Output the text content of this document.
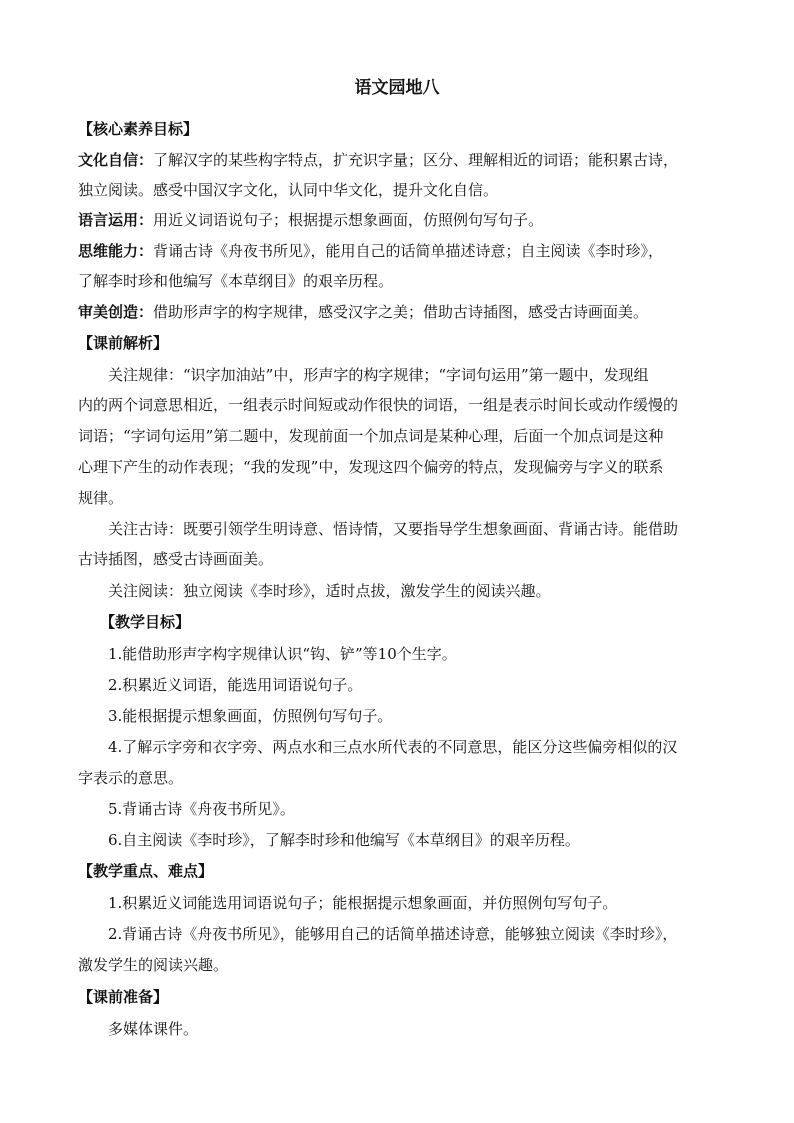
语文园地八
【核心素养目标】
文化自信：了解汉字的某些构字特点，扩充识字量；区分、理解相近的词语；能积累古诗，
独立阅读。感受中国汉字文化，认同中华文化，提升文化自信。
语言运用：用近义词语说句子；根据提示想象画面，仿照例句写句子。
思维能力：背诵古诗《舟夜书所见》，能用自己的话简单描述诗意；自主阅读《李时珍》，
了解李时珍和他编写《本草纲目》的艰辛历程。
审美创造：借助形声字的构字规律，感受汉字之美；借助古诗插图，感受古诗画面美。
【课前解析】
关注规律：“识字加油站”中，形声字的构字规律；“字词句运用”第一题中，发现组
内的两个词意思相近，一组表示时间短或动作很快的词语，一组是表示时间长或动作缓慢的
词语；“字词句运用”第二题中，发现前面一个加点词是某种心理，后面一个加点词是这种
心理下产生的动作表现；“我的发现”中，发现这四个偏旁的特点，发现偏旁与字义的联系
规律。
关注古诗：既要引领学生明诗意、悟诗情，又要指导学生想象画面、背诵古诗。能借助
古诗插图，感受古诗画面美。
关注阅读：独立阅读《李时珍》，适时点拔，激发学生的阅读兴趣。
【教学目标】
1.能借助形声字构字规律认识“钩、铲”等10个生字。
2.积累近义词语，能选用词语说句子。
3.能根据提示想象画面，仿照例句写句子。
4.了解示字旁和衣字旁、两点水和三点水所代表的不同意思，能区分这些偏旁相似的汉
字表示的意思。
5.背诵古诗《舟夜书所见》。
6.自主阅读《李时珍》，了解李时珍和他编写《本草纲目》的艰辛历程。
【教学重点、难点】
1.积累近义词能选用词语说句子；能根据提示想象画面，并仿照例句写句子。
2.背诵古诗《舟夜书所见》，能够用自己的话简单描述诗意，能够独立阅读《李时珍》，
激发学生的阅读兴趣。
【课前准备】
多媒体课件。
